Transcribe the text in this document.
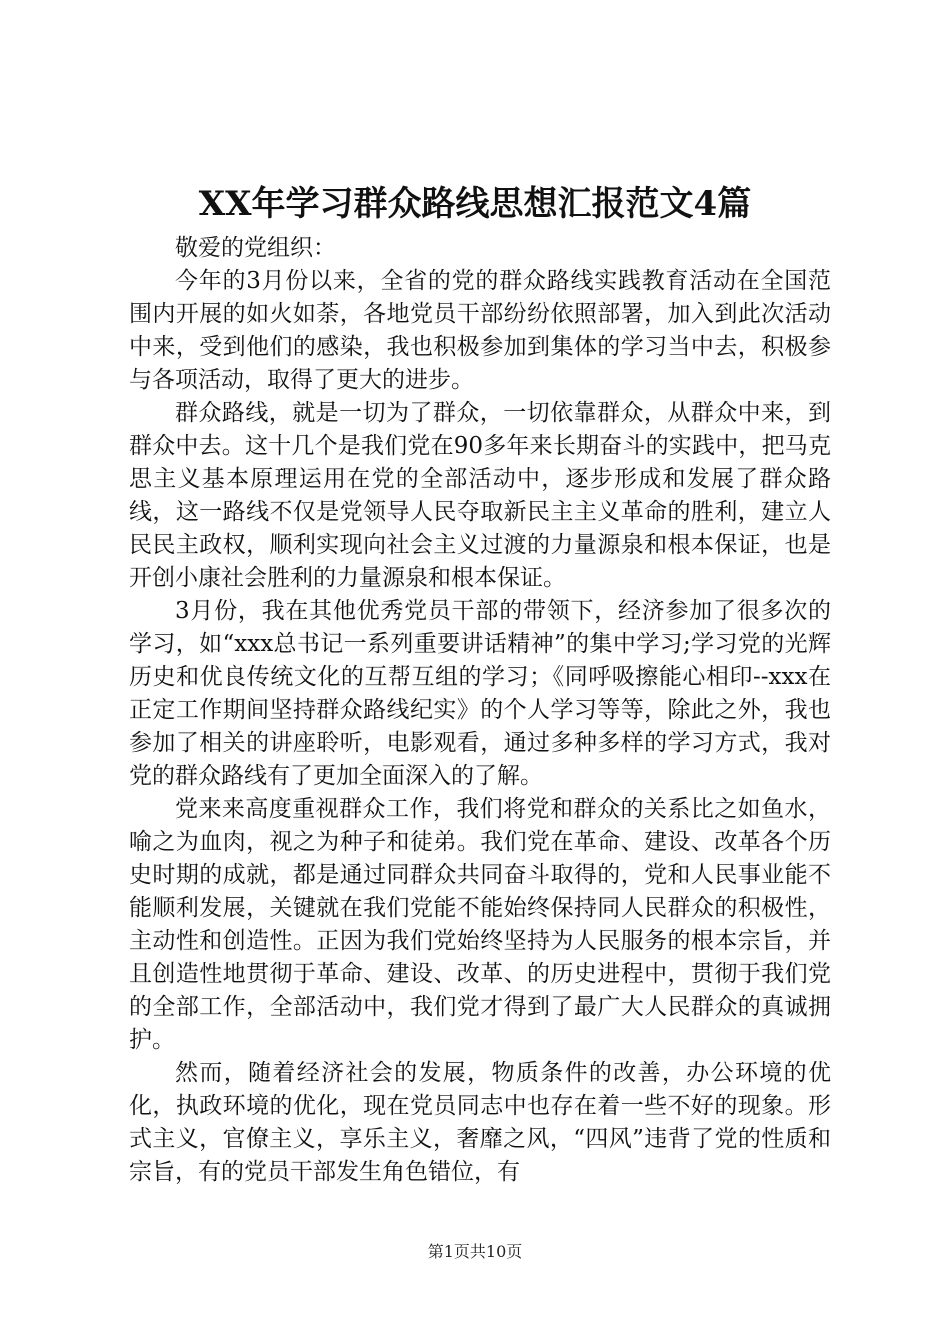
XX年学习群众路线思想汇报范文4篇

敬爱的党组织：

今年的3月份以来，全省的党的群众路线实践教育活动在全国范围内开展的如火如荼，各地党员干部纷纷依照部署，加入到此次活动中来，受到他们的感染，我也积极参加到集体的学习当中去，积极参与各项活动，取得了更大的进步。

群众路线，就是一切为了群众，一切依靠群众，从群众中来，到群众中去。这十几个是我们党在90多年来长期奋斗的实践中，把马克思主义基本原理运用在党的全部活动中，逐步形成和发展了群众路线，这一路线不仅是党领导人民夺取新民主主义革命的胜利，建立人民民主政权，顺利实现向社会主义过渡的力量源泉和根本保证，也是开创小康社会胜利的力量源泉和根本保证。

3月份，我在其他优秀党员干部的带领下，经济参加了很多次的学习，如“xxx总书记一系列重要讲话精神”的集中学习;学习党的光辉历史和优良传统文化的互帮互组的学习；《同呼吸擦能心相印--xxx在正定工作期间坚持群众路线纪实》的个人学习等等，除此之外，我也参加了相关的讲座聆听，电影观看，通过多种多样的学习方式，我对党的群众路线有了更加全面深入的了解。

党来来高度重视群众工作，我们将党和群众的关系比之如鱼水，喻之为血肉，视之为种子和徒弟。我们党在革命、建设、改革各个历史时期的成就，都是通过同群众共同奋斗取得的，党和人民事业能不能顺利发展，关键就在我们党能不能始终保持同人民群众的积极性，主动性和创造性。正因为我们党始终坚持为人民服务的根本宗旨，并且创造性地贯彻于革命、建设、改革、的历史进程中，贯彻于我们党的全部工作，全部活动中，我们党才得到了最广大人民群众的真诚拥护。

然而，随着经济社会的发展，物质条件的改善，办公环境的优化，执政环境的优化，现在党员同志中也存在着一些不好的现象。形式主义，官僚主义，享乐主义，奢靡之风，“四风”违背了党的性质和宗旨，有的党员干部发生角色错位，有

第1页共10页
